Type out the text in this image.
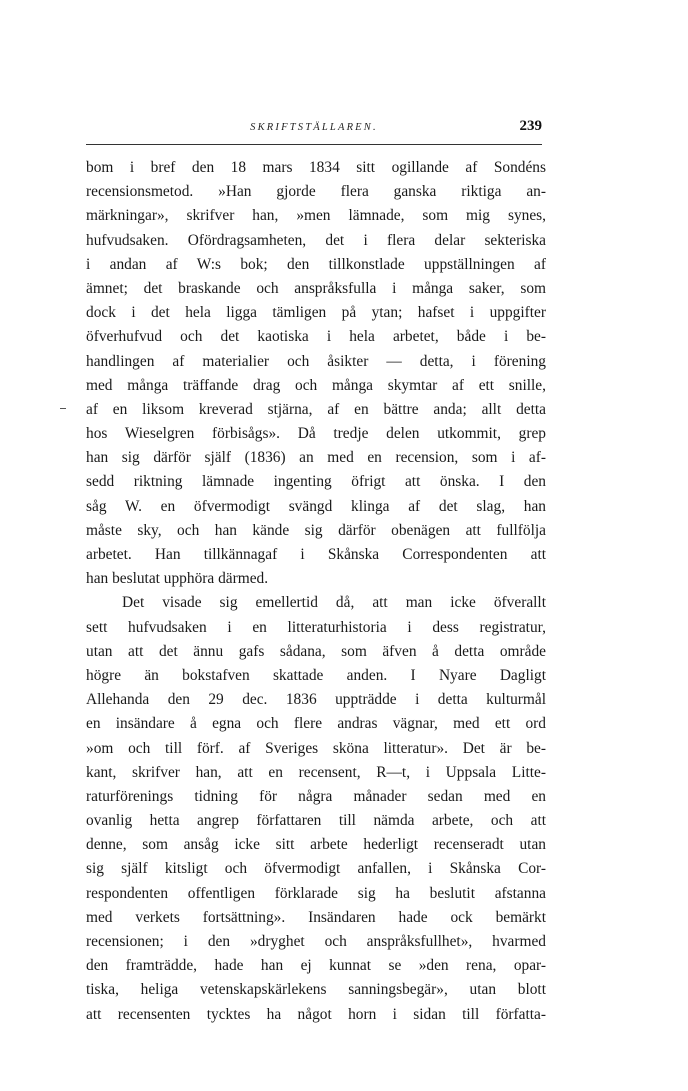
SKRIFTSTÄLLAREN.	239
bom i bref den 18 mars 1834 sitt ogillande af Sondéns
recensionsmetod. »Han gjorde flera ganska riktiga an-
märkningar», skrifver han, »men lämnade, som mig synes,
hufvudsaken. Ofördragsamheten, det i flera delar sekteriska
i andan af W:s bok; den tillkonstlade uppställningen af
ämnet; det braskande och anspråksfulla i många saker, som
dock i det hela ligga tämligen på ytan; hafset i uppgifter
öfverhufvud och det kaotiska i hela arbetet, både i be-
handlingen af materialier och åsikter — detta, i förening
med många träffande drag och många skymtar af ett snille,
af en liksom kreverad stjärna, af en bättre anda; allt detta
hos Wieselgren förbisågs». Då tredje delen utkommit, grep
han sig därför själf (1836) an med en recension, som i af-
sedd riktning lämnade ingenting öfrigt att önska. I den
såg W. en öfvermodigt svängd klinga af det slag, han
måste sky, och han kände sig därför obenägen att fullfölja
arbetet. Han tillkännagaf i Skånska Correspondenten att
han beslutat upphöra därmed.
Det visade sig emellertid då, att man icke öfverallt
sett hufvudsaken i en litteraturhistoria i dess registratur,
utan att det ännu gafs sådana, som äfven å detta område
högre än bokstafven skattade anden. I Nyare Dagligt
Allehanda den 29 dec. 1836 uppträdde i detta kulturmål
en insändare å egna och flere andras vägnar, med ett ord
»om och till förf. af Sveriges sköna litteratur». Det är be-
kant, skrifver han, att en recensent, R—t, i Uppsala Litte-
raturförenings tidning för några månader sedan med en
ovanlig hetta angrep författaren till nämda arbete, och att
denne, som ansåg icke sitt arbete hederligt recenseradt utan
sig själf kitsligt och öfvermodigt anfallen, i Skånska Cor-
respondenten offentligen förklarade sig ha beslutit afstanna
med verkets fortsättning». Insändaren hade ock bemärkt
recensionen; i den »dryghet och anspråksfullhet», hvarmed
den framträdde, hade han ej kunnat se »den rena, opar-
tiska, heliga vetenskapskärlekens sanningsbegär», utan blott
att recensenten tycktes ha något horn i sidan till författa-
